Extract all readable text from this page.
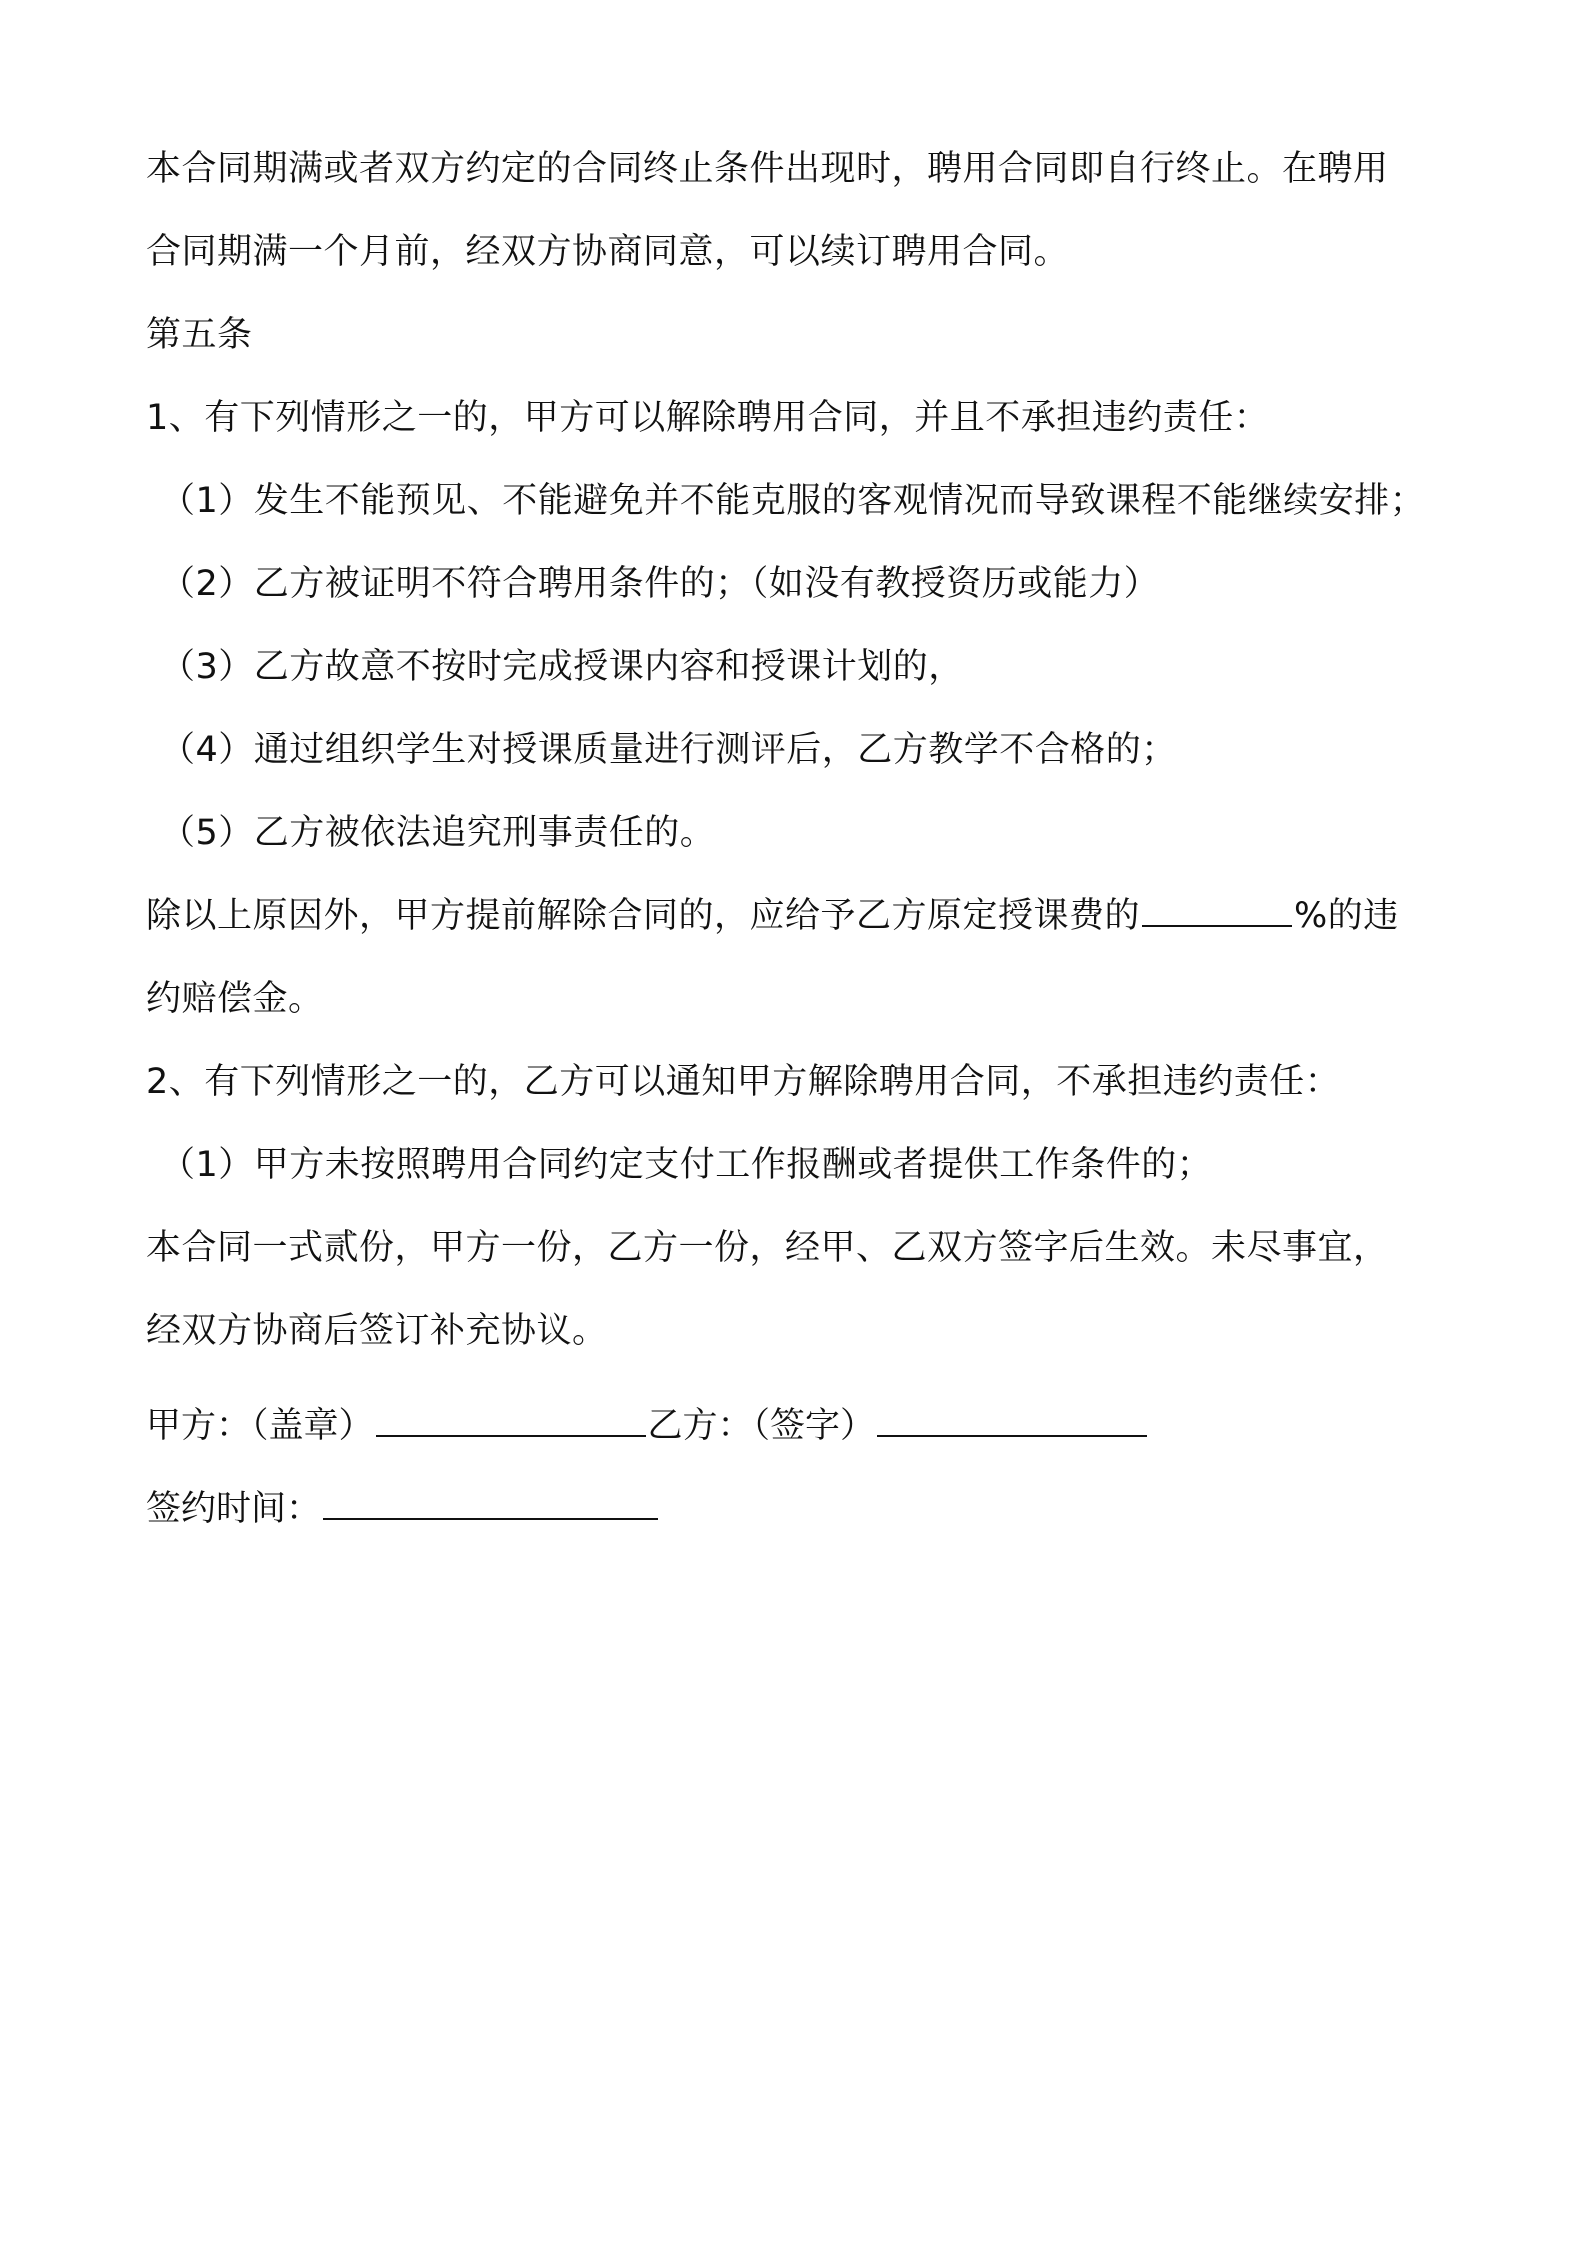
本合同期满或者双方约定的合同终止条件出现时，聘用合同即自行终止。在聘用
合同期满一个月前，经双方协商同意，可以续订聘用合同。
第五条
1、有下列情形之一的，甲方可以解除聘用合同，并且不承担违约责任：
（1）发生不能预见、不能避免并不能克服的客观情况而导致课程不能继续安排；
（2）乙方被证明不符合聘用条件的；（如没有教授资历或能力）
（3）乙方故意不按时完成授课内容和授课计划的，
（4）通过组织学生对授课质量进行测评后，乙方教学不合格的；
（5）乙方被依法追究刑事责任的。
除以上原因外，甲方提前解除合同的，应给予乙方原定授课费的	%的违
约赔偿金。
2、有下列情形之一的，乙方可以通知甲方解除聘用合同，不承担违约责任：
（1）甲方未按照聘用合同约定支付工作报酬或者提供工作条件的；
本合同一式贰份，甲方一份，乙方一份，经甲、乙双方签字后生效。未尽事宜，
经双方协商后签订补充协议。
甲方：（盖章）	乙方：（签字）
签约时间：
